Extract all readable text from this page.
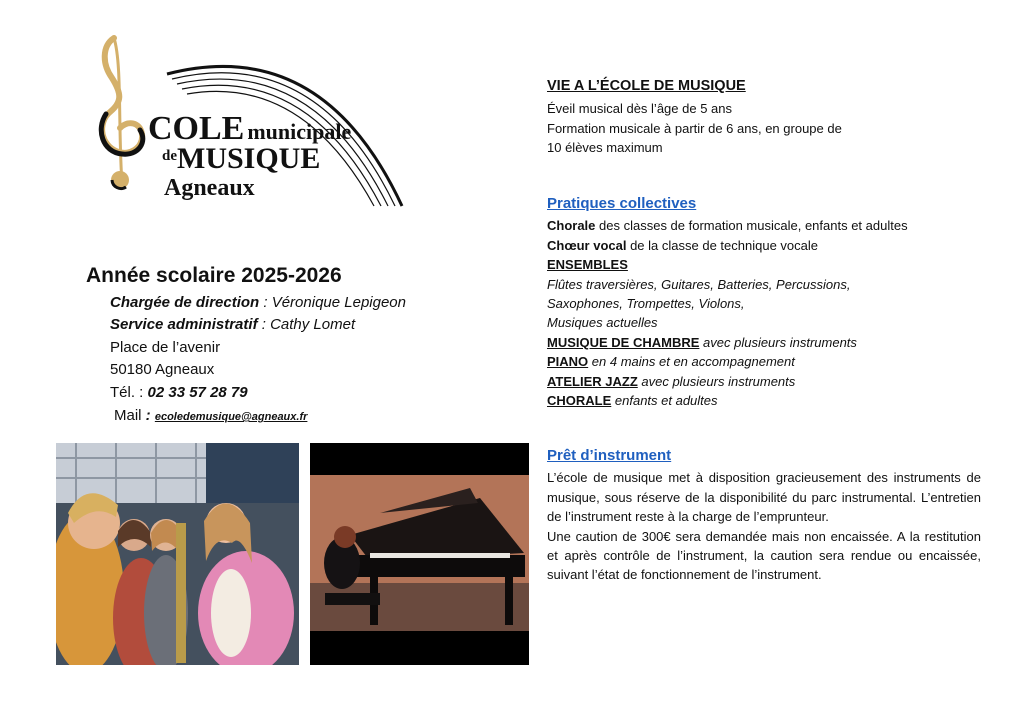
COLE municipale
$^{de}$MUSIQUE
Agneaux
Année scolaire 2025-2026
Chargée de direction : Véronique Lepigeon
Service administratif : Cathy Lomet
Place de l’avenir
50180 Agneaux
Tél. : 02 33 57 28 79
Mail : ecoledemusique@agneaux.fr
VIE A L’ÉCOLE DE MUSIQUE
Éveil musical dès l’âge de 5 ans
Formation musicale à partir de 6 ans, en groupe de
10 élèves maximum
Pratiques collectives
Chorale des classes de formation musicale, enfants et adultes
Chœur vocal de la classe de technique vocale
ENSEMBLES
Flûtes traversières, Guitares, Batteries, Percussions,
Saxophones, Trompettes, Violons,
Musiques actuelles
MUSIQUE DE CHAMBRE avec plusieurs instruments
PIANO en 4 mains et en accompagnement
ATELIER JAZZ avec plusieurs instruments
CHORALE enfants et adultes
Prêt d’instrument
L’école de musique met à disposition gracieusement des instruments de musique, sous réserve de la disponibilité du parc instrumental. L’entretien de l’instrument reste à la charge de l’emprunteur.
Une caution de 300€ sera demandée mais non encaissée. A la restitution et après contrôle de l’instrument, la caution sera rendue ou encaissée, suivant l’état de fonctionnement de l’instrument.
